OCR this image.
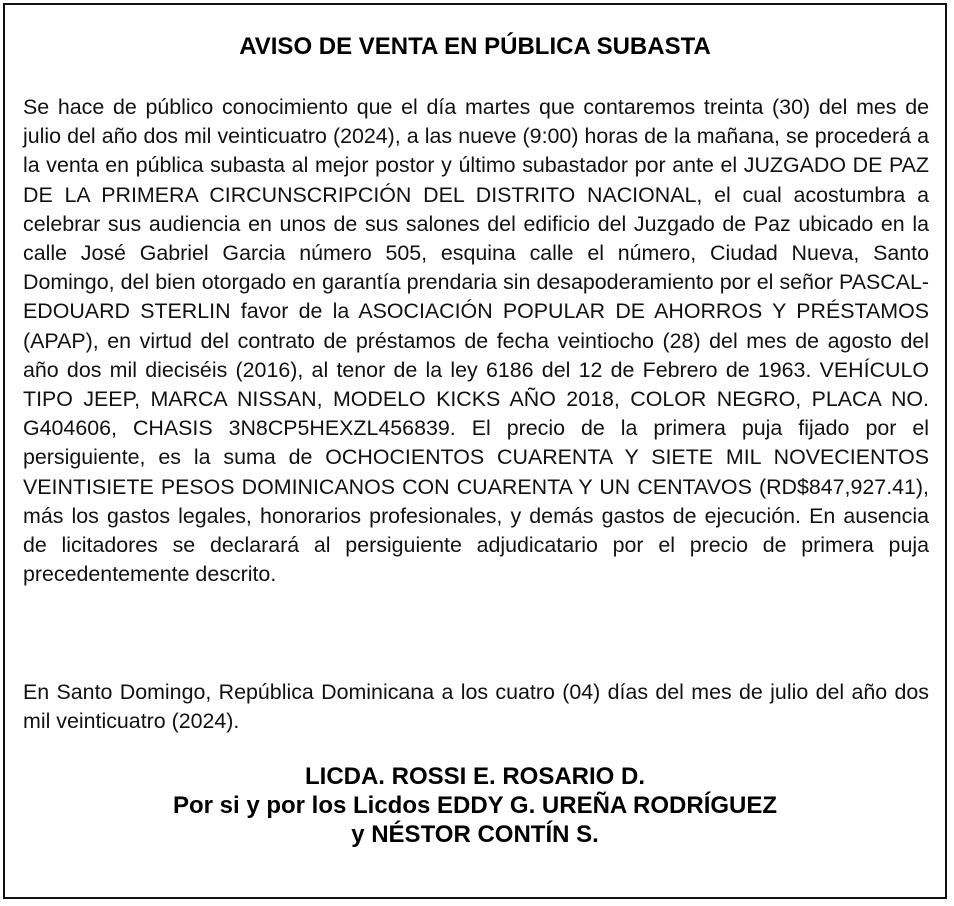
AVISO DE VENTA EN PÚBLICA SUBASTA

Se hace de público conocimiento que el día martes que contaremos treinta (30) del mes de julio del año dos mil veinticuatro (2024), a las nueve (9:00) horas de la mañana, se procederá a la venta en pública subasta al mejor postor y último subastador por ante el JUZGADO DE PAZ DE LA PRIMERA CIRCUNSCRIPCIÓN DEL DISTRITO NACIONAL, el cual acostumbra a celebrar sus audiencia en unos de sus salones del edificio del Juzgado de Paz ubicado en la calle José Gabriel Garcia número 505, esquina calle el número, Ciudad Nueva, Santo Domingo, del bien otorgado en garantía prendaria sin desapoderamiento por el señor PASCAL-EDOUARD STERLIN favor de la ASOCIACIÓN POPULAR DE AHORROS Y PRÉSTAMOS (APAP), en virtud del contrato de préstamos de fecha veintiocho (28) del mes de agosto del año dos mil dieciséis (2016), al tenor de la ley 6186 del 12 de Febrero de 1963. VEHÍCULO TIPO JEEP, MARCA NISSAN, MODELO KICKS AÑO 2018, COLOR NEGRO, PLACA NO. G404606, CHASIS 3N8CP5HEXZL456839. El precio de la primera puja fijado por el persiguiente, es la suma de OCHOCIENTOS CUARENTA Y SIETE MIL NOVECIENTOS VEINTISIETE PESOS DOMINICANOS CON CUARENTA Y UN CENTAVOS (RD$847,927.41), más los gastos legales, honorarios profesionales, y demás gastos de ejecución. En ausencia de licitadores se declarará al persiguiente adjudicatario por el precio de primera puja precedentemente descrito.

En Santo Domingo, República Dominicana a los cuatro (04) días del mes de julio del año dos mil veinticuatro (2024).

LICDA. ROSSI E. ROSARIO D.
Por si y por los Licdos EDDY G. UREÑA RODRÍGUEZ
y NÉSTOR CONTÍN S.
